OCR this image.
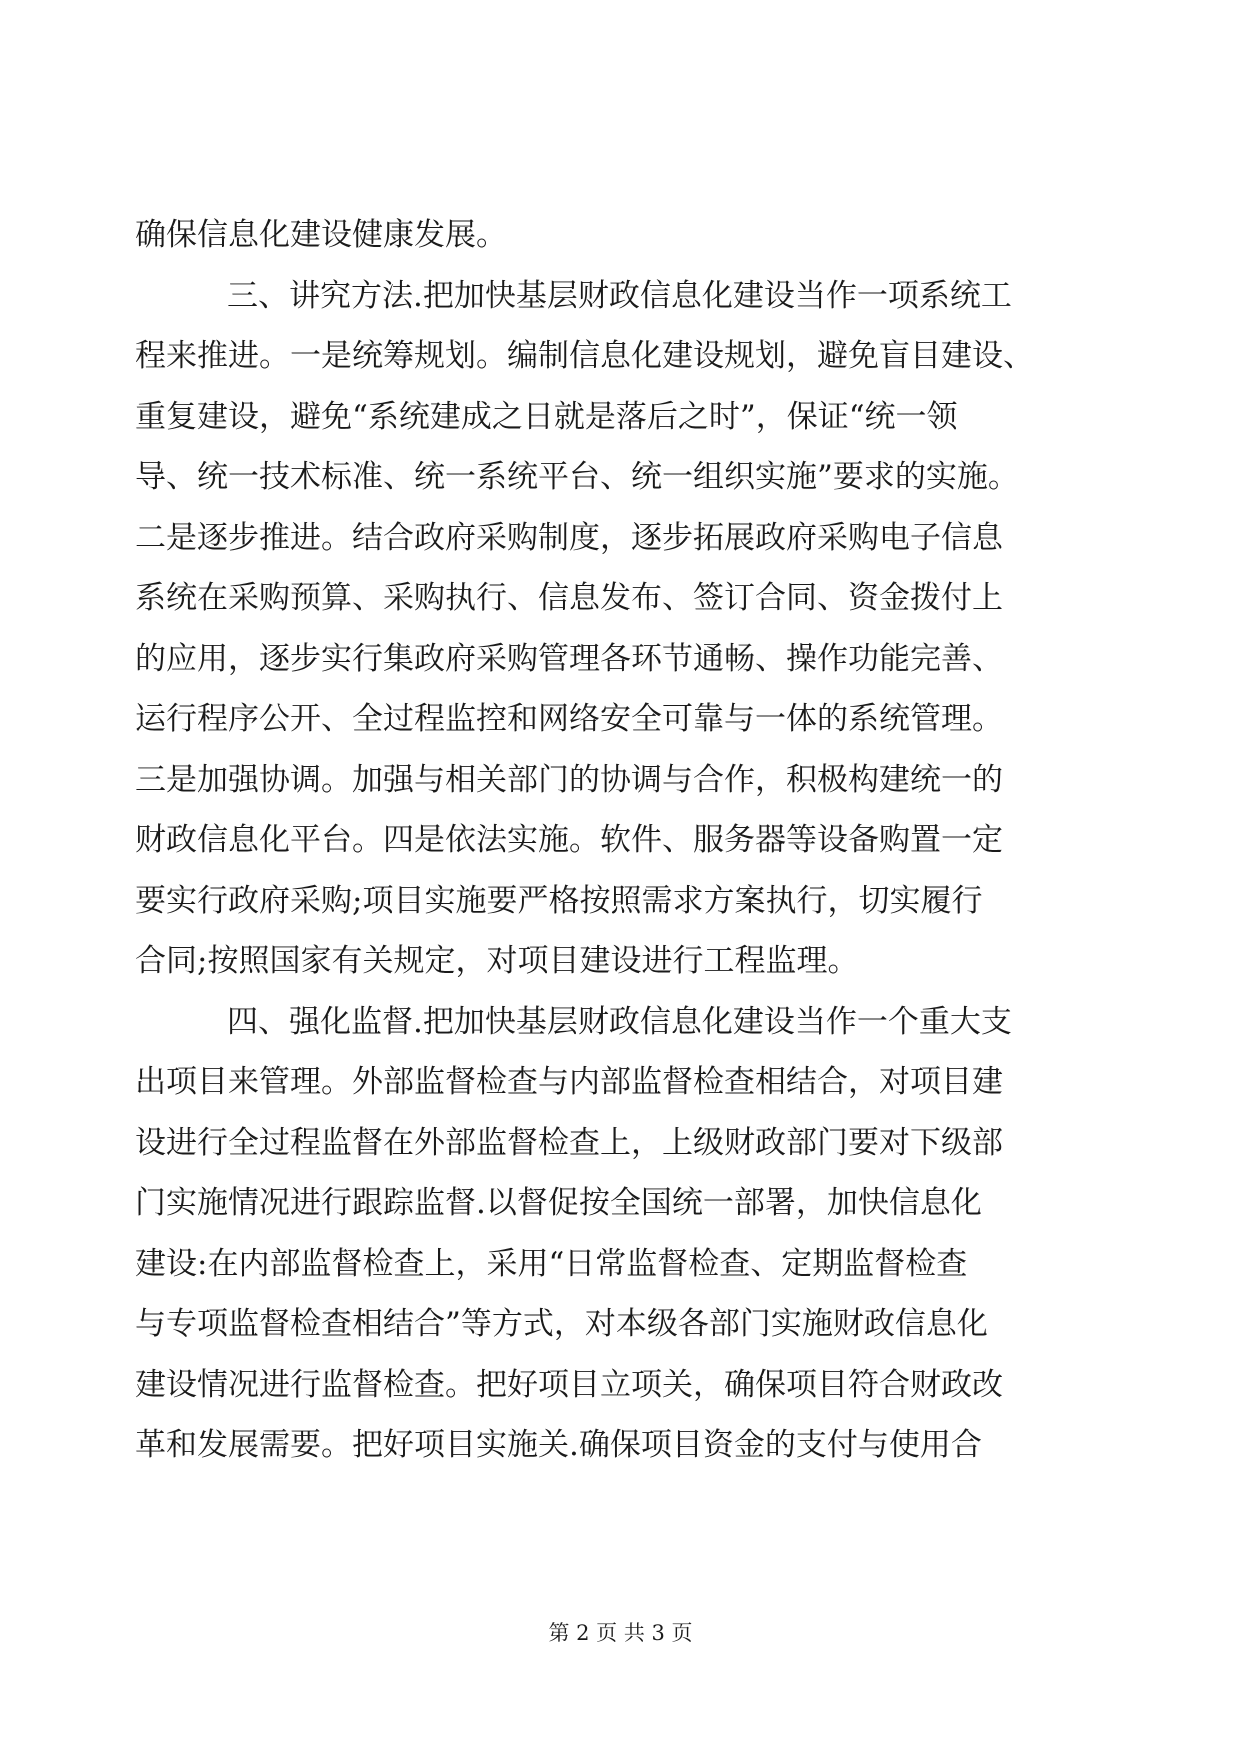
确保信息化建设健康发展。
三、讲究方法.把加快基层财政信息化建设当作一项系统工
程来推进。一是统筹规划。编制信息化建设规划，避免盲目建设、
重复建设，避免“系统建成之日就是落后之时”，保证“统一领
导、统一技术标准、统一系统平台、统一组织实施”要求的实施。
二是逐步推进。结合政府采购制度，逐步拓展政府采购电子信息
系统在采购预算、采购执行、信息发布、签订合同、资金拨付上
的应用，逐步实行集政府采购管理各环节通畅、操作功能完善、
运行程序公开、全过程监控和网络安全可靠与一体的系统管理。
三是加强协调。加强与相关部门的协调与合作，积极构建统一的
财政信息化平台。四是依法实施。软件、服务器等设备购置一定
要实行政府采购;项目实施要严格按照需求方案执行，切实履行
合同;按照国家有关规定，对项目建设进行工程监理。
四、强化监督.把加快基层财政信息化建设当作一个重大支
出项目来管理。外部监督检查与内部监督检查相结合，对项目建
设进行全过程监督在外部监督检查上，上级财政部门要对下级部
门实施情况进行跟踪监督.以督促按全国统一部署，加快信息化
建设:在内部监督检查上，采用“日常监督检查、定期监督检查
与专项监督检查相结合”等方式，对本级各部门实施财政信息化
建设情况进行监督检查。把好项目立项关，确保项目符合财政改
革和发展需要。把好项目实施关.确保项目资金的支付与使用合
第 2 页 共 3 页
